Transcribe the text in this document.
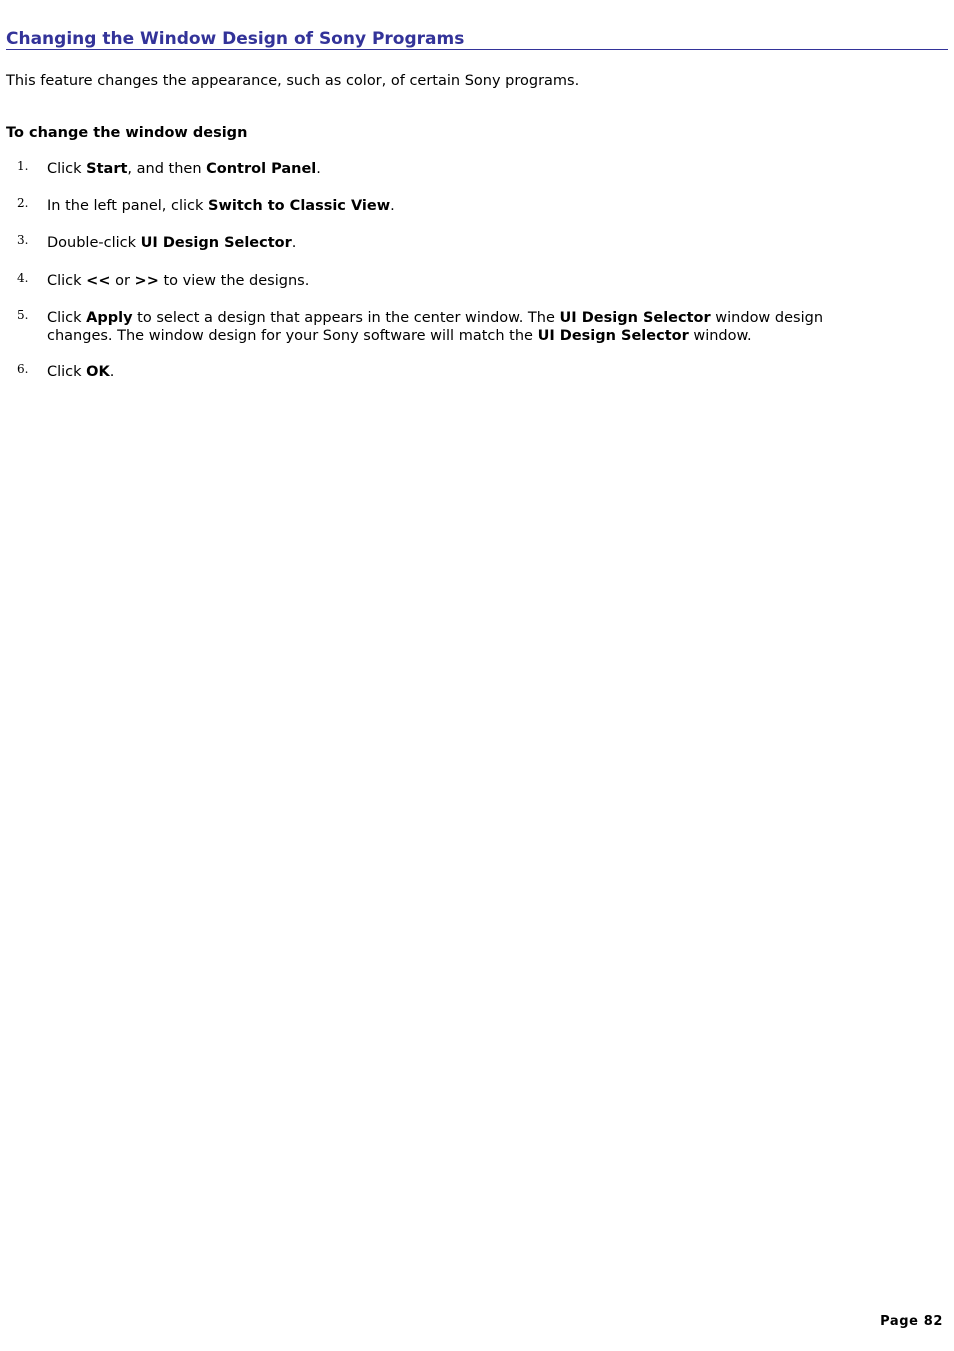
Changing the Window Design of Sony Programs

This feature changes the appearance, such as color, of certain Sony programs.

To change the window design

1. Click Start, and then Control Panel.
2. In the left panel, click Switch to Classic View.
3. Double-click UI Design Selector.
4. Click << or >> to view the designs.
5. Click Apply to select a design that appears in the center window. The UI Design Selector window design
changes. The window design for your Sony software will match the UI Design Selector window.
6. Click OK.
Page 82
